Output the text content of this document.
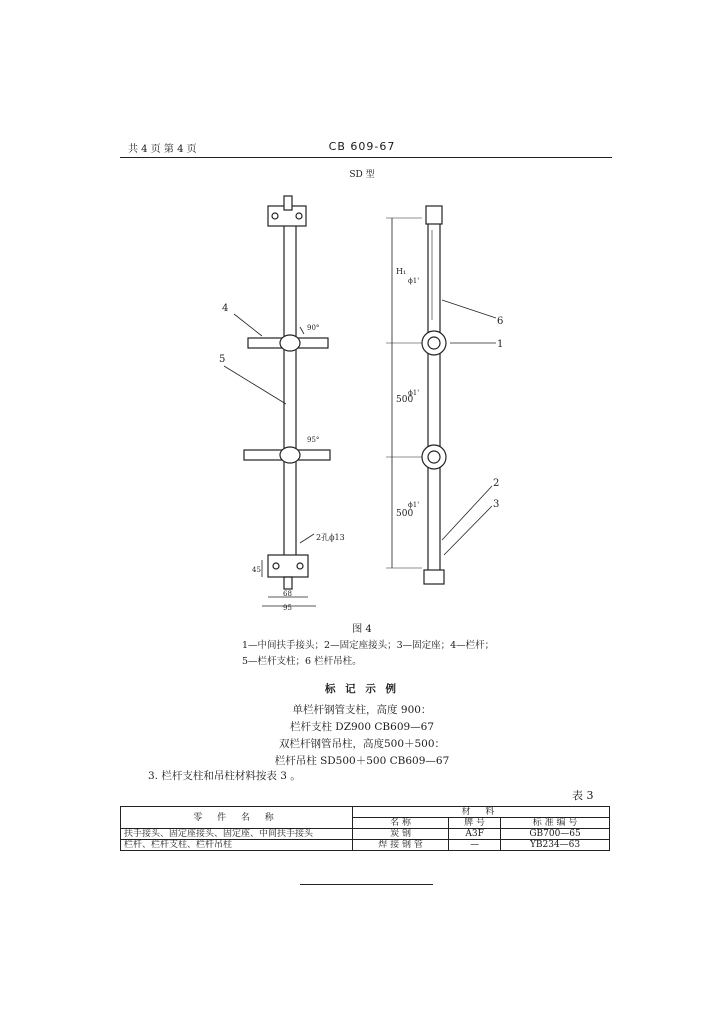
共 4 页 第 4 页	CB 609-67
SD 型
4
5
6
1
2
3
H₁
500
500
ϕ1'
ϕ1'
ϕ1'
90°
95°
2孔ϕ13
68
95
45
图 4
1—中间扶手接头；2—固定座接头；3—固定座；4—栏杆；
5—栏杆支柱；6 栏杆吊柱。
标 记 示 例
单栏杆钢管支柱，高度 900：
栏杆支柱 DZ900 CB609—67
双栏杆钢管吊柱，高度500＋500：
栏杆吊柱 SD500＋500 CB609—67
3. 栏杆支柱和吊柱材料按表 3 。
表 3
零 件 名 称	材 料		
	名 称	牌 号	标 准 编 号
扶手接头、固定座接头、固定座、中间扶手接头	炭 钢	A3F	GB700—65
栏杆、栏杆支柱、栏杆吊柱	焊 接 钢 管	—	YB234—63
